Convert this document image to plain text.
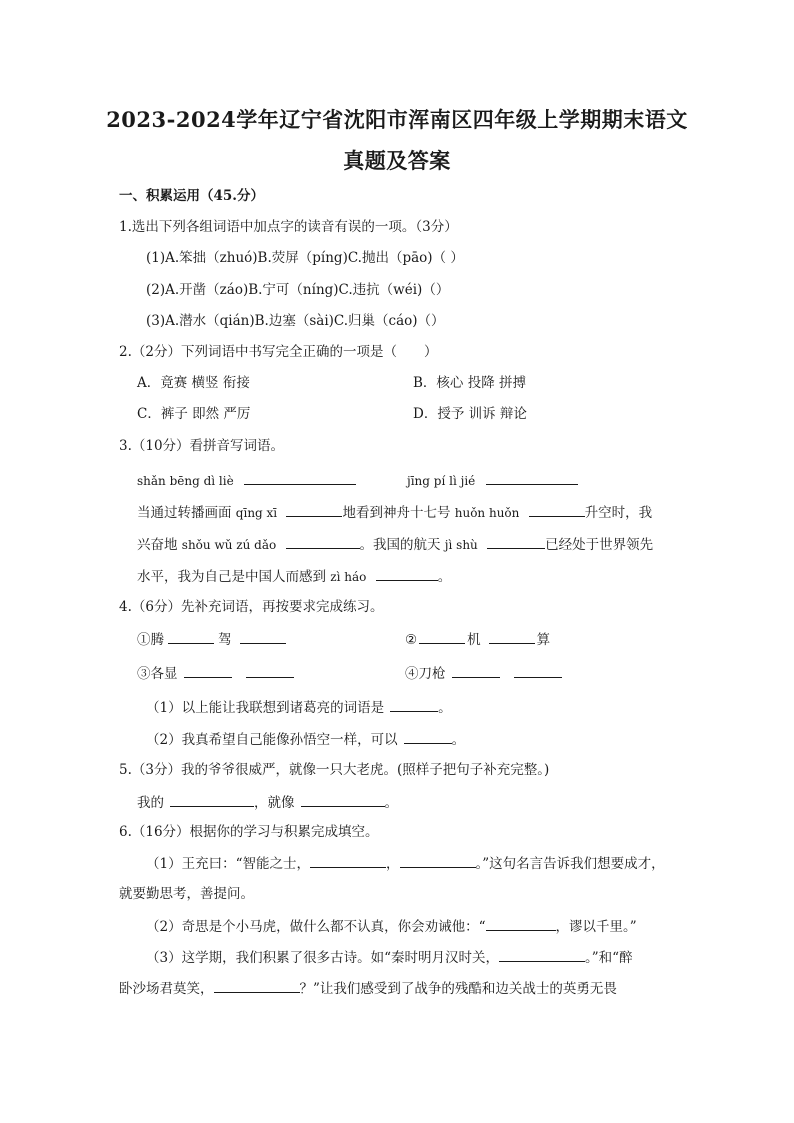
2023-2024学年辽宁省沈阳市浑南区四年级上学期期末语文
真题及答案
一、积累运用（45.分）
1.选出下列各组词语中加点字的读音有误的一项。（3分）
(1)A.笨拙（zhuó)B.荧屏（píng)C.抛出（pāo)（ ）
(2)A.开凿（záo)B.宁可（níng)C.违抗（wéi)（）
(3)A.潜水（qián)B.边塞（sài)C.归巢（cáo)（）
2.（2分）下列词语中书写完全正确的一项是（　　）
A．竟赛 横竖 衔接	B．核心 投降 拼搏
C．裤子 即然 严厉	D．授予 训诉 辩论
3.（10分）看拼音写词语。
shǎn bēng dì liè	jīng pí lì jié
当通过转播画面 qīng xī	地看到神舟十七号 huǒn huǒn	升空时，我
兴奋地 shǒu wǔ zú dǎo	。我国的航天 jì shù	已经处于世界领先
水平，我为自己是中国人而感到 zì háo	。
4.（6分）先补充词语，再按要求完成练习。
①腾	驾	②	机	算
③各显	④刀枪
（1）以上能让我联想到诸葛亮的词语是	。
（2）我真希望自己能像孙悟空一样，可以	。
5.（3分）我的爷爷很威严，就像一只大老虎。(照样子把句子补充完整。)
我的	，就像	。
6.（16分）根据你的学习与积累完成填空。
（1）王充曰：“智能之士，	，	。”这句名言告诉我们想要成才，
就要勤思考，善提问。
（2）奇思是个小马虎，做什么都不认真，你会劝诫他：“	，谬以千里。”
（3）这学期，我们积累了很多古诗。如“秦时明月汉时关，	。”和“醉
卧沙场君莫笑，	？”让我们感受到了战争的残酷和边关战士的英勇无畏
